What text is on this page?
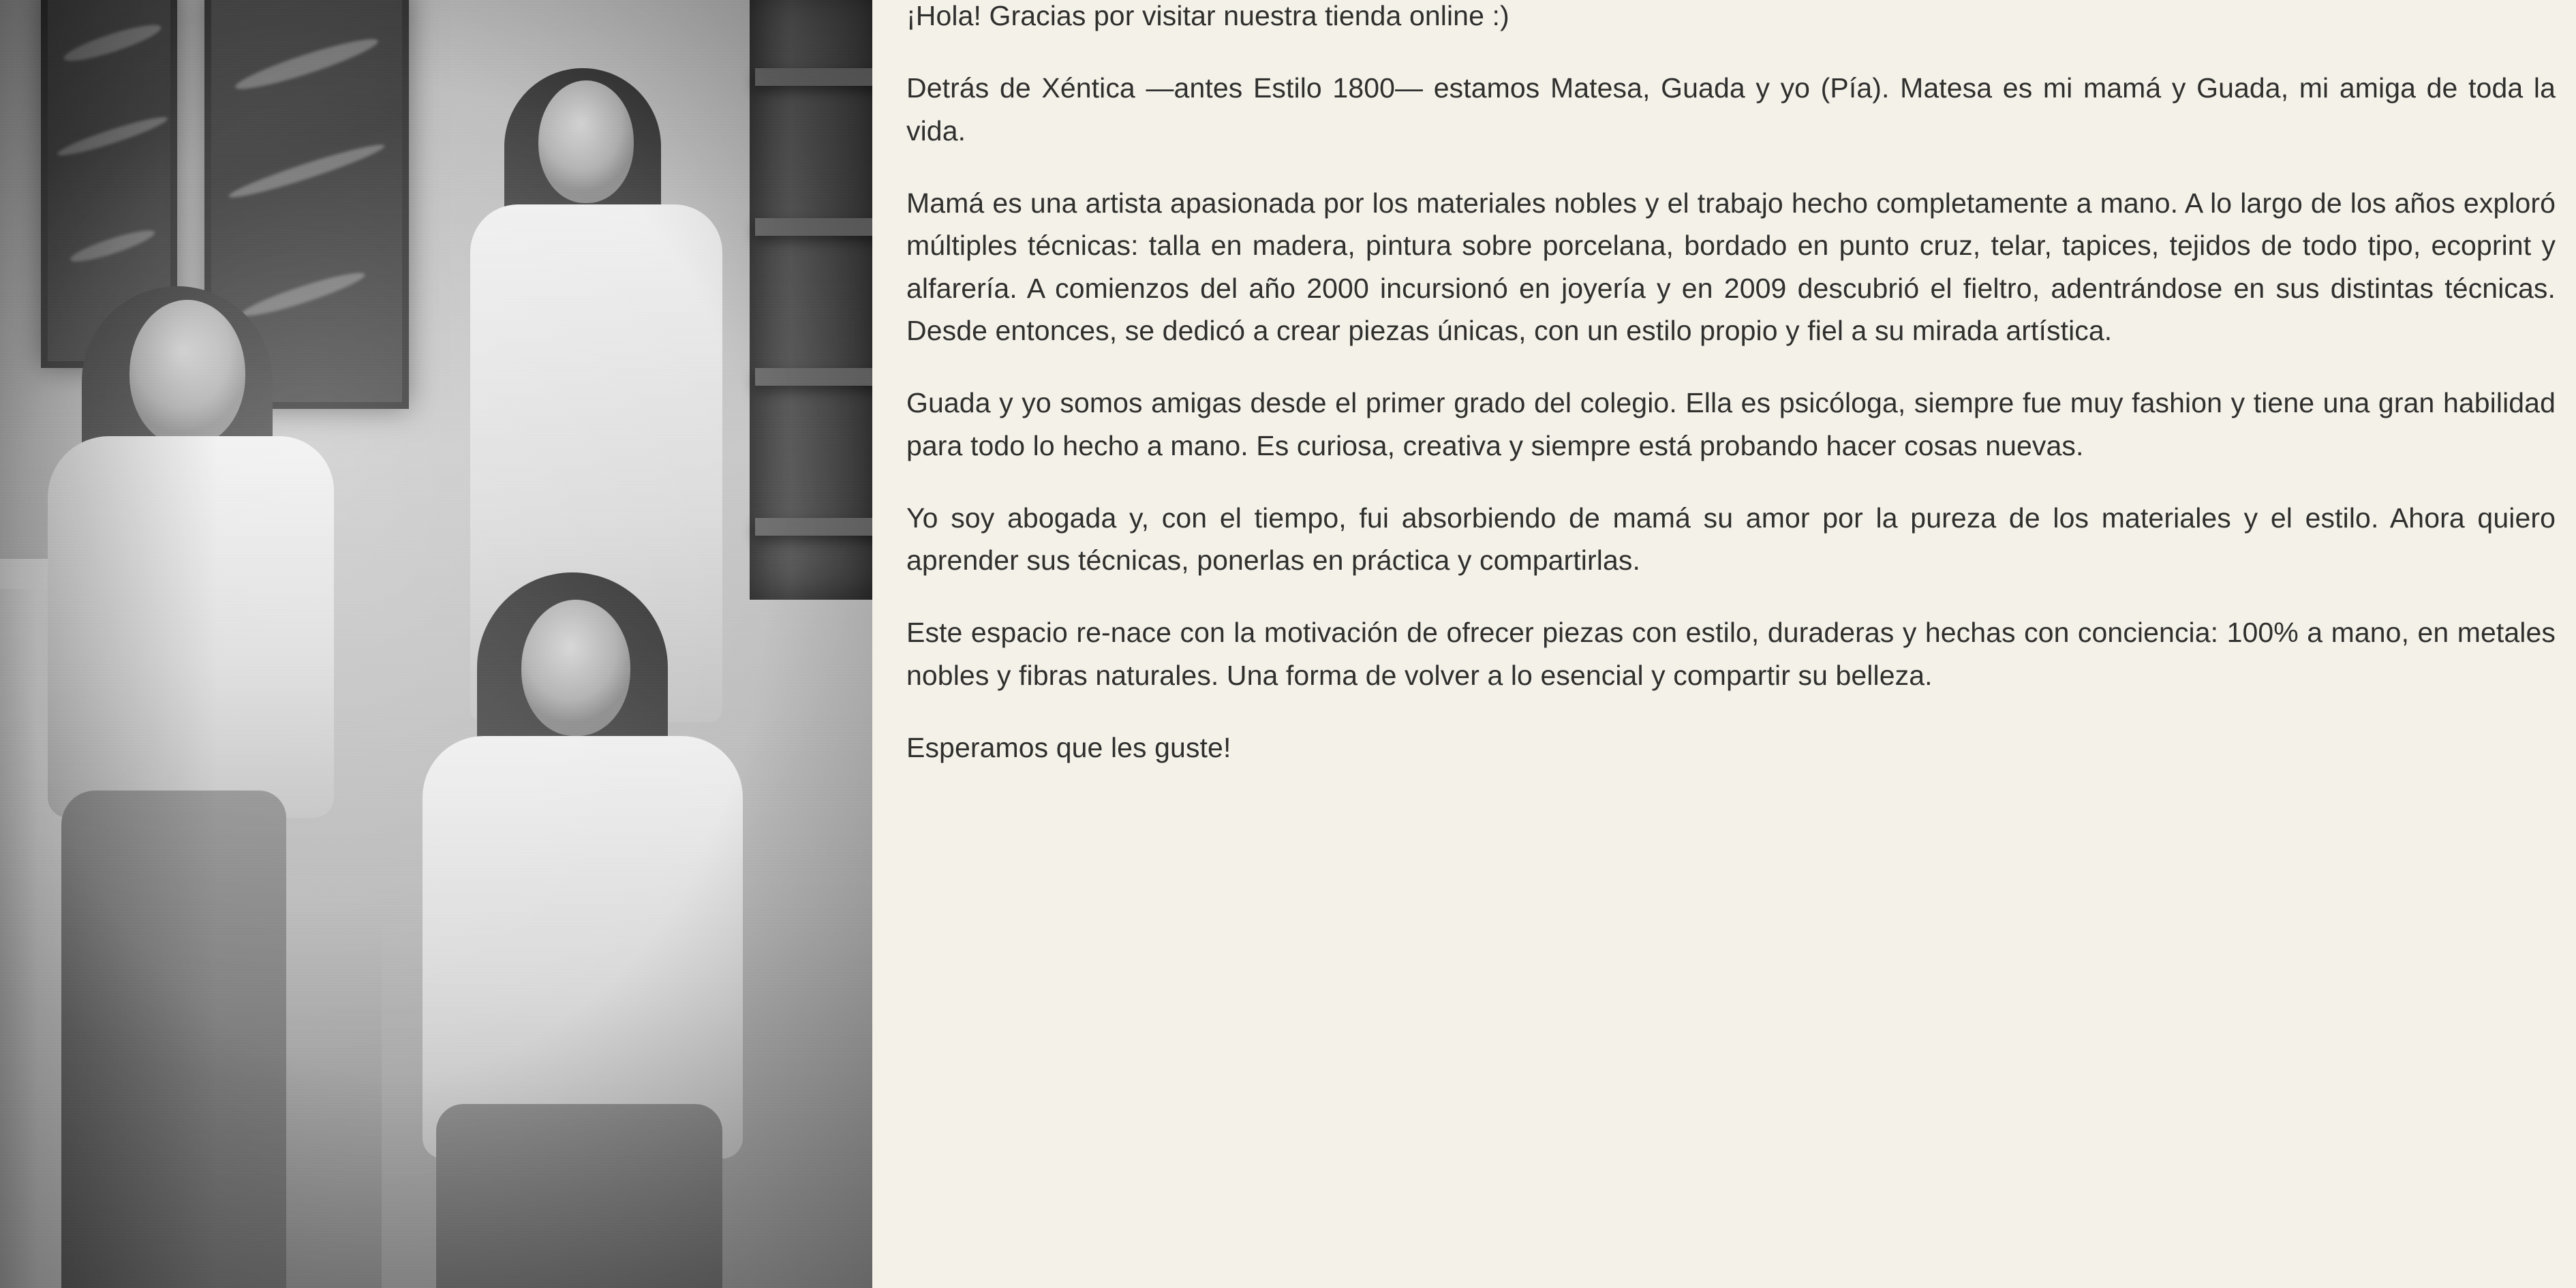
¡Hola! Gracias por visitar nuestra tienda online :)

Detrás de Xéntica —antes Estilo 1800— estamos Matesa, Guada y yo (Pía). Matesa es mi mamá y Guada, mi amiga de toda la vida.

Mamá es una artista apasionada por los materiales nobles y el trabajo hecho completamente a mano. A lo largo de los años exploró múltiples técnicas: talla en madera, pintura sobre porcelana, bordado en punto cruz, telar, tapices, tejidos de todo tipo, ecoprint y alfarería. A comienzos del año 2000 incursionó en joyería y en 2009 descubrió el fieltro, adentrándose en sus distintas técnicas. Desde entonces, se dedicó a crear piezas únicas, con un estilo propio y fiel a su mirada artística.

Guada y yo somos amigas desde el primer grado del colegio. Ella es psicóloga, siempre fue muy fashion y tiene una gran habilidad para todo lo hecho a mano. Es curiosa, creativa y siempre está probando hacer cosas nuevas.

Yo soy abogada y, con el tiempo, fui absorbiendo de mamá su amor por la pureza de los materiales y el estilo. Ahora quiero aprender sus técnicas, ponerlas en práctica y compartirlas.

Este espacio re-nace con la motivación de ofrecer piezas con estilo, duraderas y hechas con conciencia: 100% a mano, en metales nobles y fibras naturales. Una forma de volver a lo esencial y compartir su belleza.

Esperamos que les guste!
